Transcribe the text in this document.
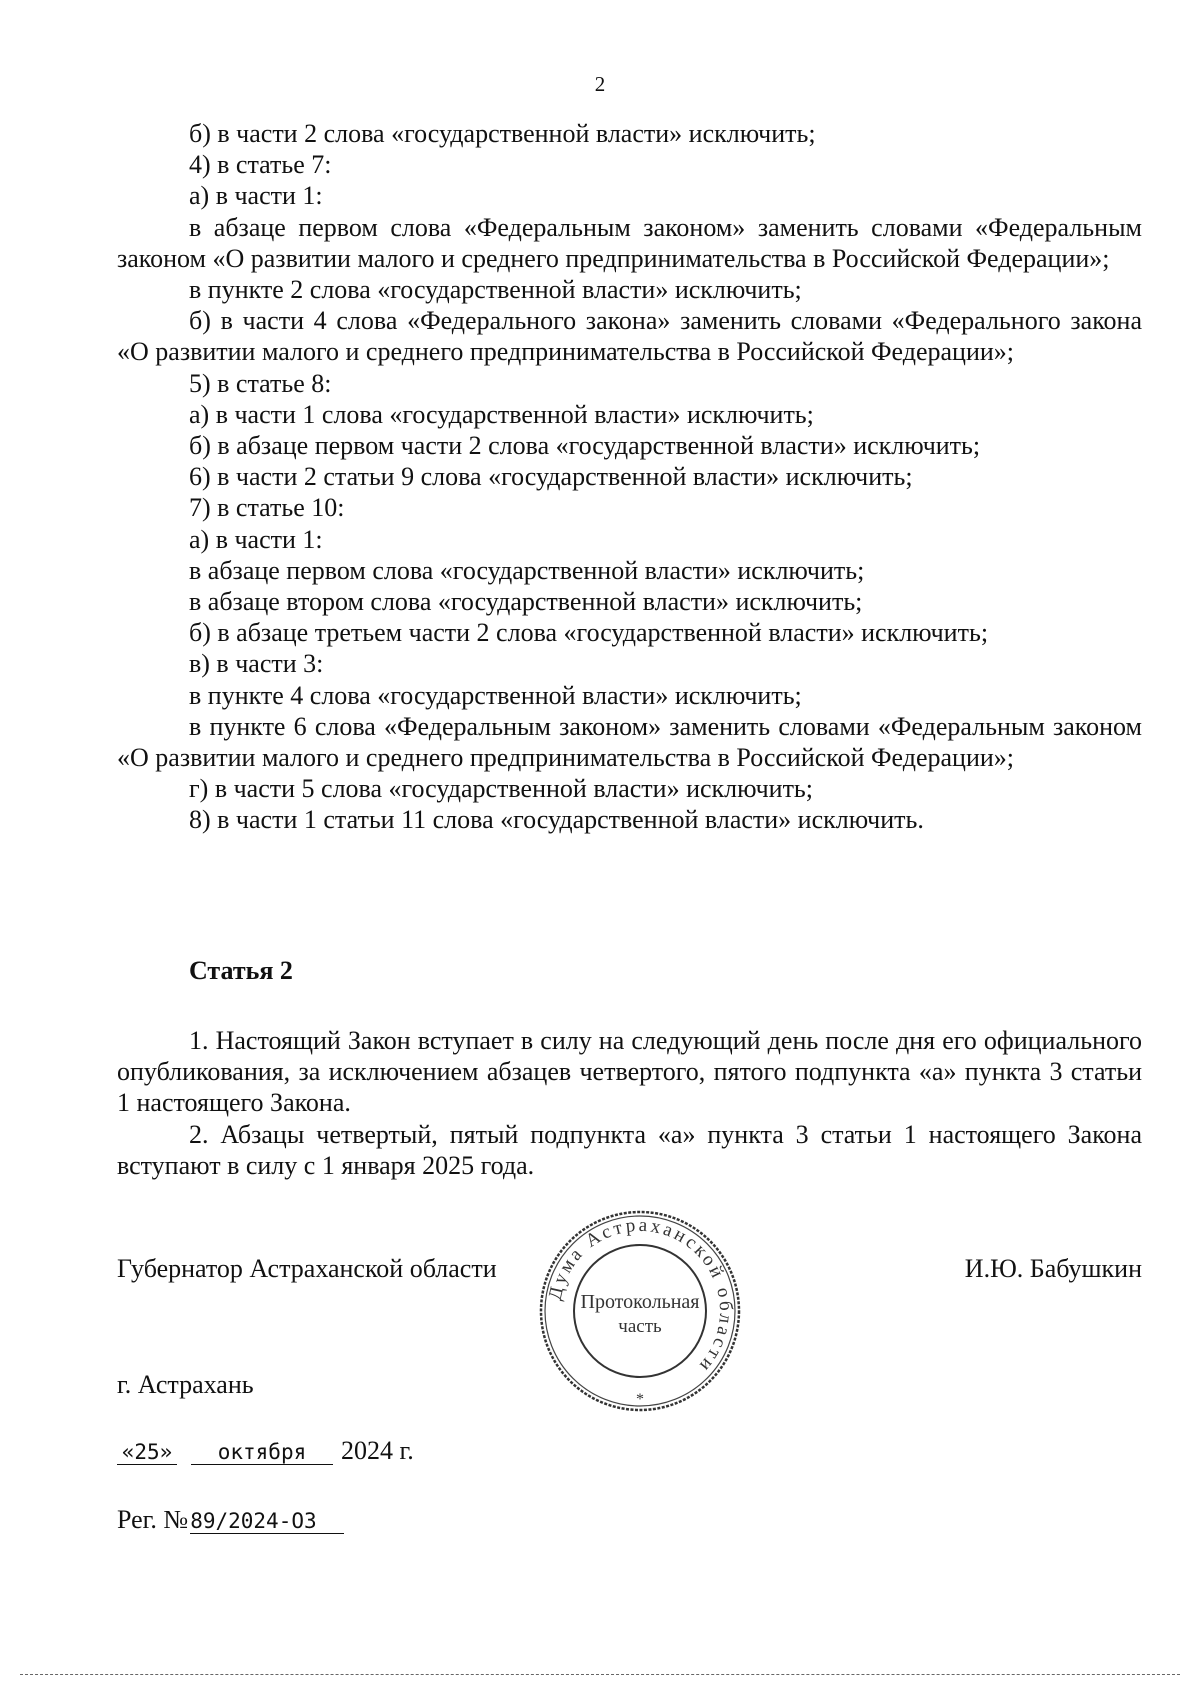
2

б) в части 2 слова «государственной власти» исключить;

4) в статье 7:

а) в части 1:

в абзаце первом слова «Федеральным законом» заменить словами «Федеральным законом «О развитии малого и среднего предпринимательства в Российской Федерации»;

в пункте 2 слова «государственной власти» исключить;

б) в части 4 слова «Федерального закона» заменить словами «Федерального закона «О развитии малого и среднего предпринимательства в Российской Федерации»;

5) в статье 8:

а) в части 1 слова «государственной власти» исключить;

б) в абзаце первом части 2 слова «государственной власти» исключить;

6) в части 2 статьи 9 слова «государственной власти» исключить;

7) в статье 10:

а) в части 1:

в абзаце первом слова «государственной власти» исключить;

в абзаце втором слова «государственной власти» исключить;

б) в абзаце третьем части 2 слова «государственной власти» исключить;

в) в части 3:

в пункте 4 слова «государственной власти» исключить;

в пункте 6 слова «Федеральным законом» заменить словами «Федеральным законом «О развитии малого и среднего предпринимательства в Российской Федерации»;

г) в части 5 слова «государственной власти» исключить;

8) в части 1 статьи 11 слова «государственной власти» исключить.

Статья 2

1. Настоящий Закон вступает в силу на следующий день после дня его официального опубликования, за исключением абзацев четвертого, пятого подпункта «а» пункта 3 статьи 1 настоящего Закона.

2. Абзацы четвертый, пятый подпункта «а» пункта 3 статьи 1 настоящего Закона вступают в силу с 1 января 2025 года.

Губернатор Астраханской области	И.Ю. Бабушкин
Дума Астраханской области
Протокольная
часть
*
г. Астрахань
«25» октября 2024 г.
Рег. №89/2024-ОЗ
